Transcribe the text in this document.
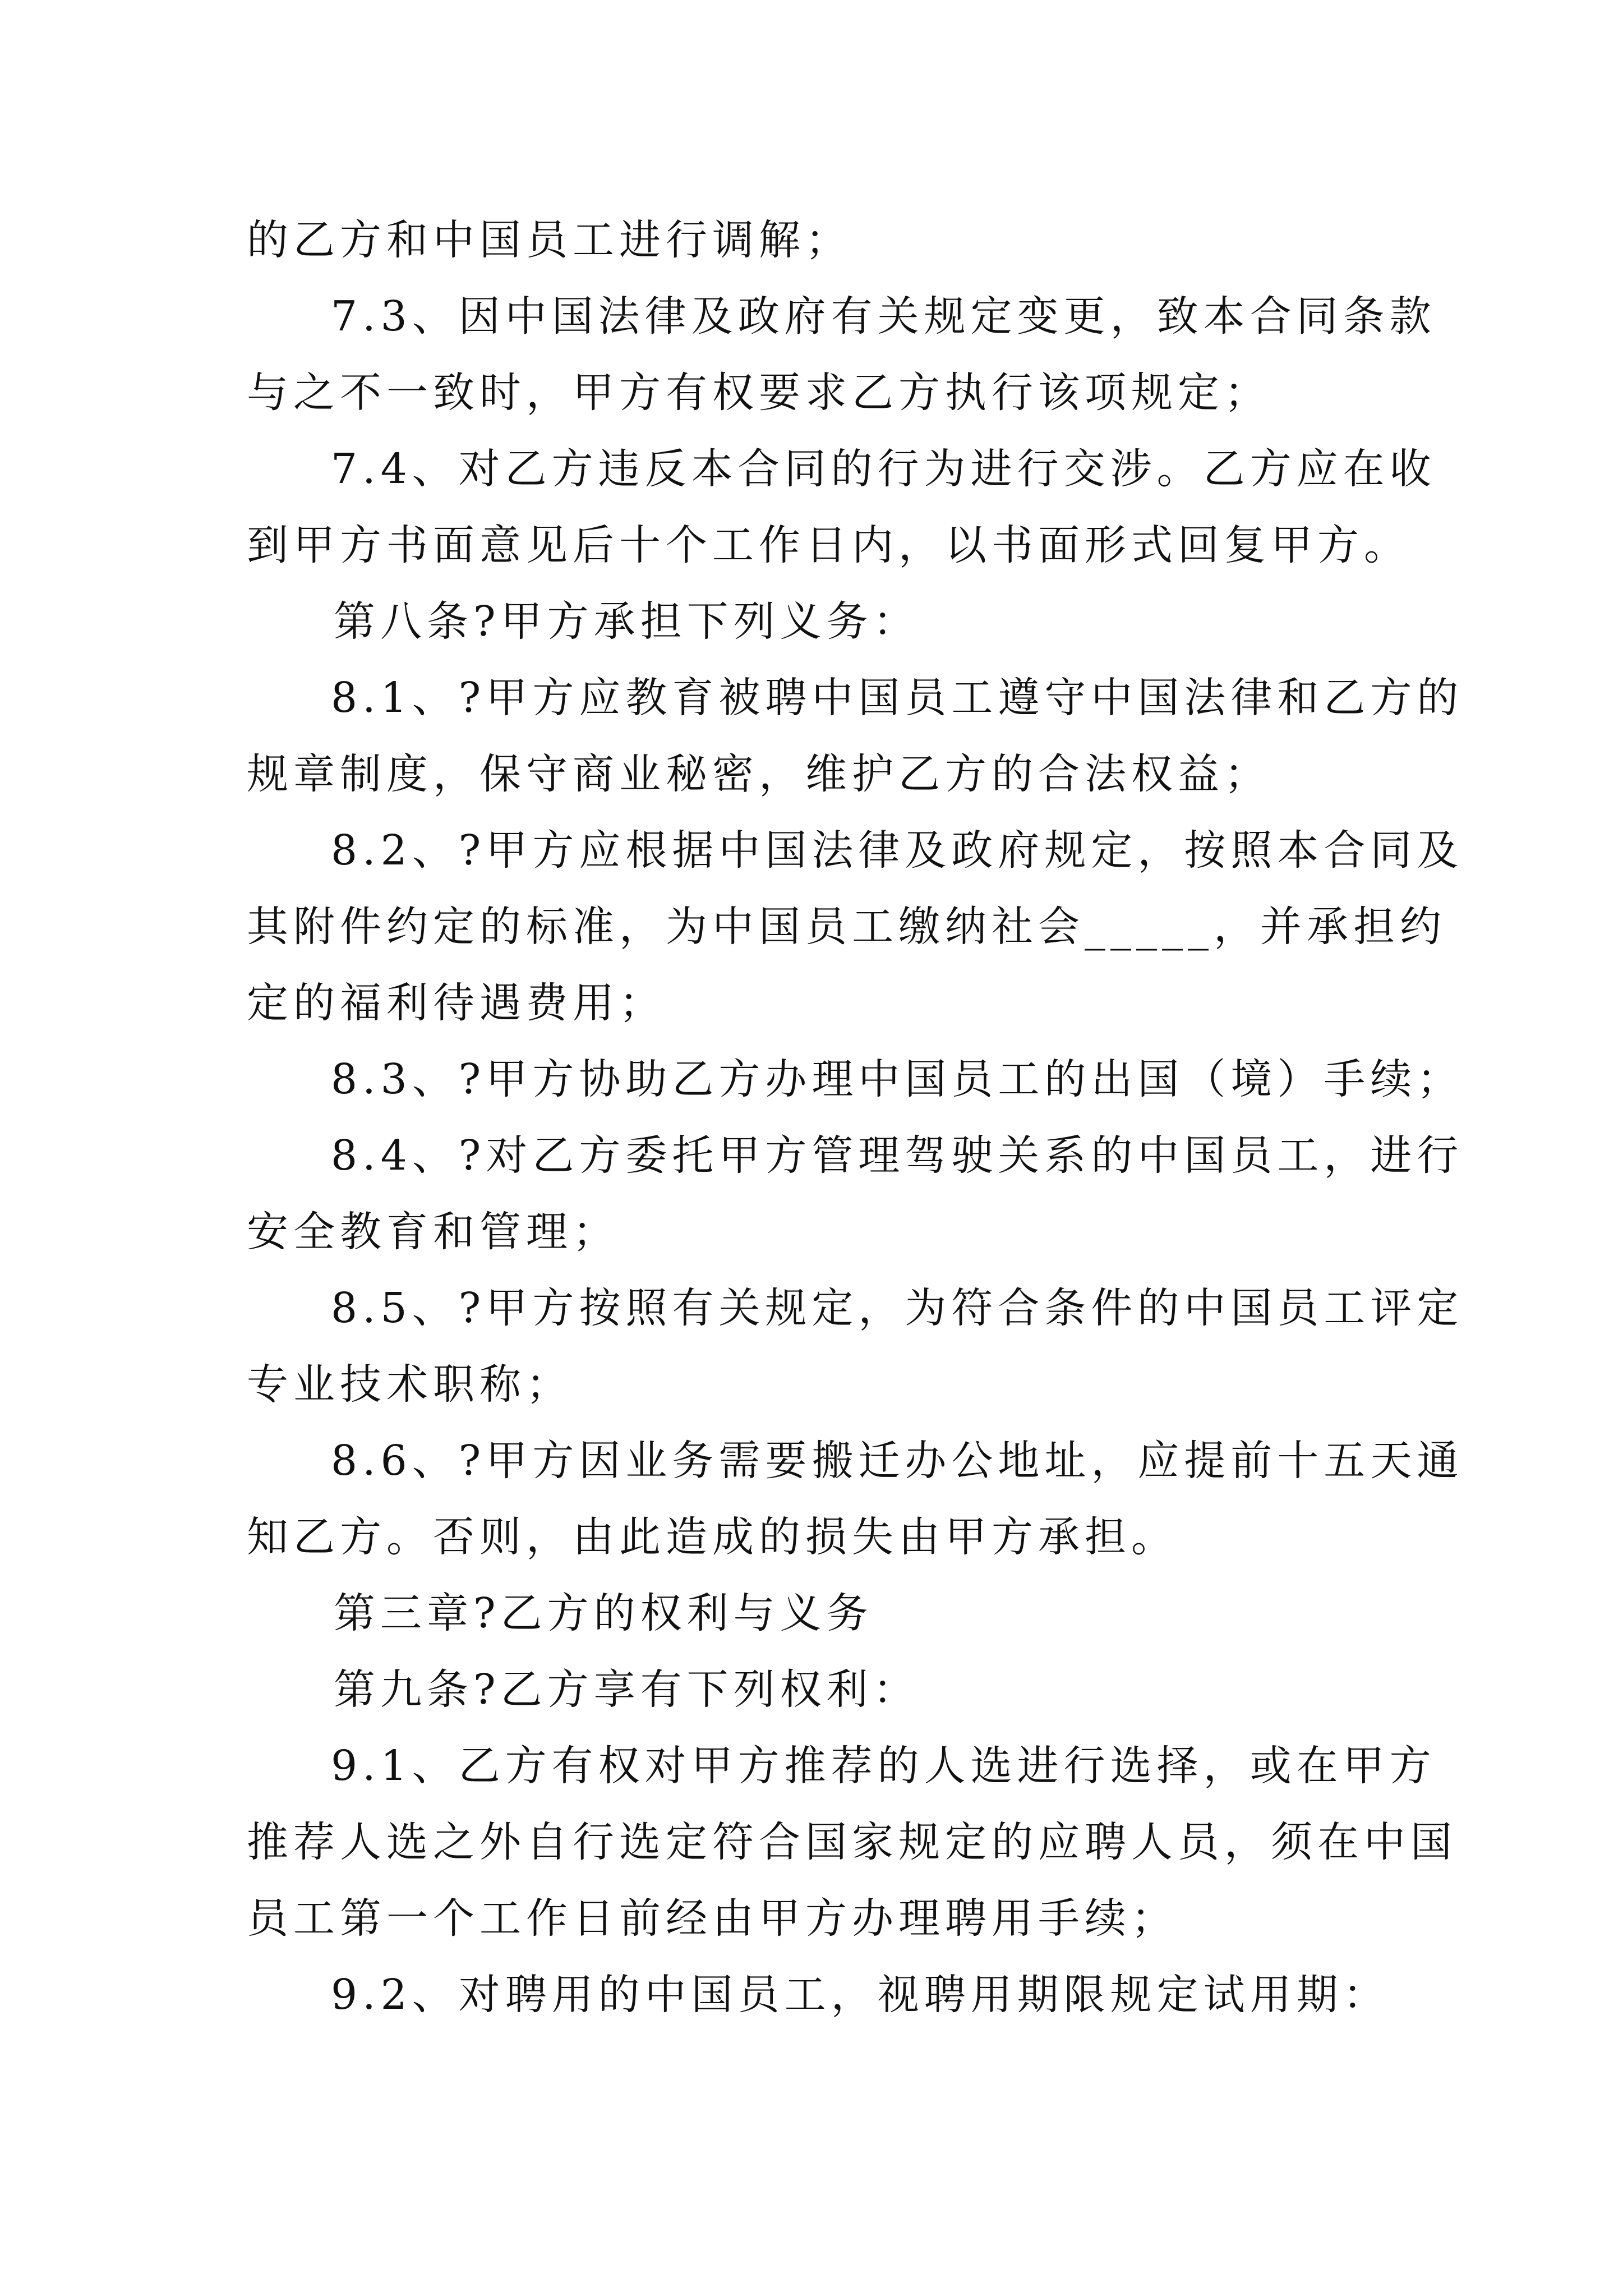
的乙方和中国员工进行调解；
7.3、因中国法律及政府有关规定变更，致本合同条款
与之不一致时，甲方有权要求乙方执行该项规定；
7.4、对乙方违反本合同的行为进行交涉。乙方应在收
到甲方书面意见后十个工作日内，以书面形式回复甲方。
第八条?甲方承担下列义务：
8.1、?甲方应教育被聘中国员工遵守中国法律和乙方的
规章制度，保守商业秘密，维护乙方的合法权益；
8.2、?甲方应根据中国法律及政府规定，按照本合同及
其附件约定的标准，为中国员工缴纳社会_____，并承担约
定的福利待遇费用；
8.3、?甲方协助乙方办理中国员工的出国（境）手续；
8.4、?对乙方委托甲方管理驾驶关系的中国员工，进行
安全教育和管理；
8.5、?甲方按照有关规定，为符合条件的中国员工评定
专业技术职称；
8.6、?甲方因业务需要搬迁办公地址，应提前十五天通
知乙方。否则，由此造成的损失由甲方承担。
第三章?乙方的权利与义务
第九条?乙方享有下列权利：
9.1、乙方有权对甲方推荐的人选进行选择，或在甲方
推荐人选之外自行选定符合国家规定的应聘人员，须在中国
员工第一个工作日前经由甲方办理聘用手续；
9.2、对聘用的中国员工，视聘用期限规定试用期：
